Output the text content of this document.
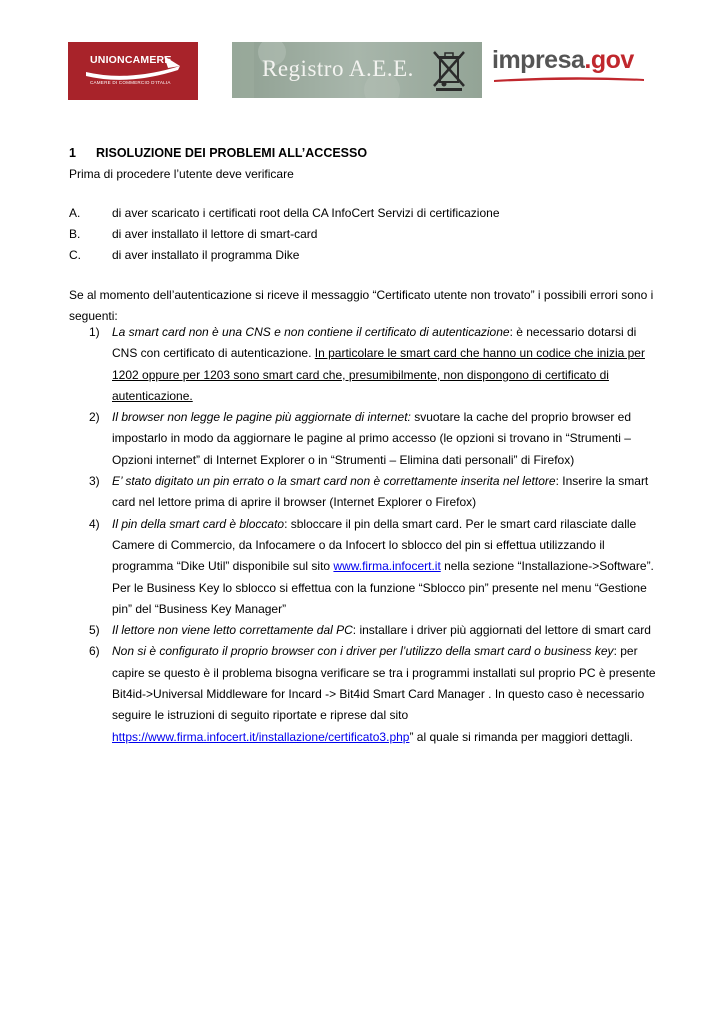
UNIONCAMERE
CAMERE DI COMMERCIO D'ITALIA
Registro A.E.E.	impresa.gov
1 RISOLUZIONE DEI PROBLEMI ALL’ACCESSO
Prima di procedere l’utente deve verificare
A.	di aver scaricato i certificati root della CA InfoCert Servizi di certificazione
B.	di aver installato il lettore di smart-card
C.	di aver installato il programma Dike
Se al momento dell’autenticazione si riceve il messaggio “Certificato utente non trovato” i possibili errori sono i seguenti:
1) La smart card non è una CNS e non contiene il certificato di autenticazione: è necessario dotarsi di CNS con certificato di autenticazione. In particolare le smart card che hanno un codice che inizia per 1202 oppure per 1203 sono smart card che, presumibilmente, non dispongono di certificato di autenticazione.
2) Il browser non legge le pagine più aggiornate di internet: svuotare la cache del proprio browser ed impostarlo in modo da aggiornare le pagine al primo accesso (le opzioni si trovano in “Strumenti – Opzioni internet” di Internet Explorer o in “Strumenti – Elimina dati personali” di Firefox)
3) E’ stato digitato un pin errato o la smart card non è correttamente inserita nel lettore: Inserire la smart card nel lettore prima di aprire il browser (Internet Explorer o Firefox)
4) Il pin della smart card è bloccato: sbloccare il pin della smart card. Per le smart card rilasciate dalle Camere di Commercio, da Infocamere o da Infocert lo sblocco del pin si effettua utilizzando il programma “Dike Util” disponibile sul sito www.firma.infocert.it nella sezione “Installazione->Software”. Per le Business Key lo sblocco si effettua con la funzione “Sblocco pin” presente nel menu “Gestione pin” del “Business Key Manager”
5) Il lettore non viene letto correttamente dal PC: installare i driver più aggiornati del lettore di smart card
6) Non si è configurato il proprio browser con i driver per l’utilizzo della smart card o business key: per capire se questo è il problema bisogna verificare se tra i programmi installati sul proprio PC è presente Bit4id->Universal Middleware for Incard -> Bit4id Smart Card Manager . In questo caso è necessario seguire le istruzioni di seguito riportate e riprese dal sito https://www.firma.infocert.it/installazione/certificato3.php” al quale si rimanda per maggiori dettagli.
